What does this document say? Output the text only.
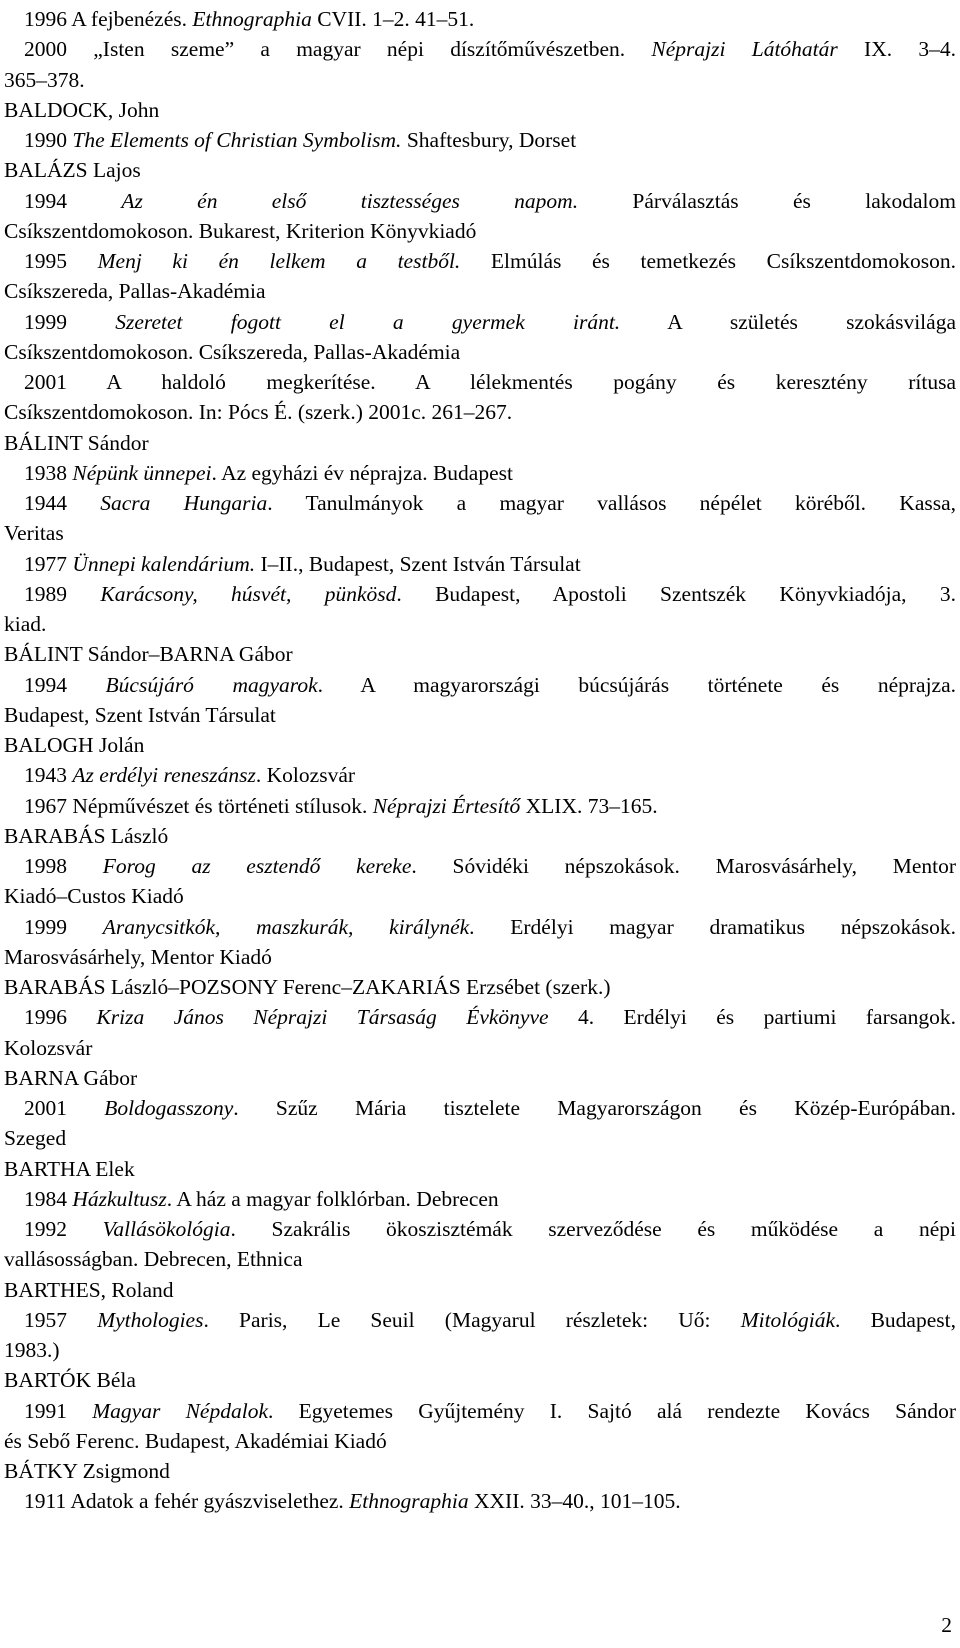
1996 A fejbenézés. Ethnographia CVII. 1–2. 41–51.
2000 „Isten szeme” a magyar népi díszítőművészetben. Néprajzi Látóhatár IX. 3–4.
365–378.
BALDOCK, John
1990 The Elements of Christian Symbolism. Shaftesbury, Dorset
BALÁZS Lajos
1994 Az én első tisztességes napom. Párválasztás és lakodalom
Csíkszentdomokoson. Bukarest, Kriterion Könyvkiadó
1995 Menj ki én lelkem a testből. Elmúlás és temetkezés Csíkszentdomokoson.
Csíkszereda, Pallas-Akadémia
1999 Szeretet fogott el a gyermek iránt. A születés szokásvilága
Csíkszentdomokoson. Csíkszereda, Pallas-Akadémia
2001 A haldoló megkerítése. A lélekmentés pogány és keresztény rítusa
Csíkszentdomokoson. In: Pócs É. (szerk.) 2001c. 261–267.
BÁLINT Sándor
1938 Népünk ünnepei. Az egyházi év néprajza. Budapest
1944 Sacra Hungaria. Tanulmányok a magyar vallásos népélet köréből. Kassa,
Veritas
1977 Ünnepi kalendárium. I–II., Budapest, Szent István Társulat
1989 Karácsony, húsvét, pünkösd. Budapest, Apostoli Szentszék Könyvkiadója, 3.
kiad.
BÁLINT Sándor–BARNA Gábor
1994 Búcsújáró magyarok. A magyarországi búcsújárás története és néprajza.
Budapest, Szent István Társulat
BALOGH Jolán
1943 Az erdélyi reneszánsz. Kolozsvár
1967 Népművészet és történeti stílusok. Néprajzi Értesítő XLIX. 73–165.
BARABÁS László
1998 Forog az esztendő kereke. Sóvidéki népszokások. Marosvásárhely, Mentor
Kiadó–Custos Kiadó
1999 Aranycsitkók, maszkurák, királynék. Erdélyi magyar dramatikus népszokások.
Marosvásárhely, Mentor Kiadó
BARABÁS László–POZSONY Ferenc–ZAKARIÁS Erzsébet (szerk.)
1996 Kriza János Néprajzi Társaság Évkönyve 4. Erdélyi és partiumi farsangok.
Kolozsvár
BARNA Gábor
2001 Boldogasszony. Szűz Mária tisztelete Magyarországon és Közép-Európában.
Szeged
BARTHA Elek
1984 Házkultusz. A ház a magyar folklórban. Debrecen
1992 Vallásökológia. Szakrális ökoszisztémák szerveződése és működése a népi
vallásosságban. Debrecen, Ethnica
BARTHES, Roland
1957 Mythologies. Paris, Le Seuil (Magyarul részletek: Uő: Mitológiák. Budapest,
1983.)
BARTÓK Béla
1991 Magyar Népdalok. Egyetemes Gyűjtemény I. Sajtó alá rendezte Kovács Sándor
és Sebő Ferenc. Budapest, Akadémiai Kiadó
BÁTKY Zsigmond
1911 Adatok a fehér gyászviselethez. Ethnographia XXII. 33–40., 101–105.
2
